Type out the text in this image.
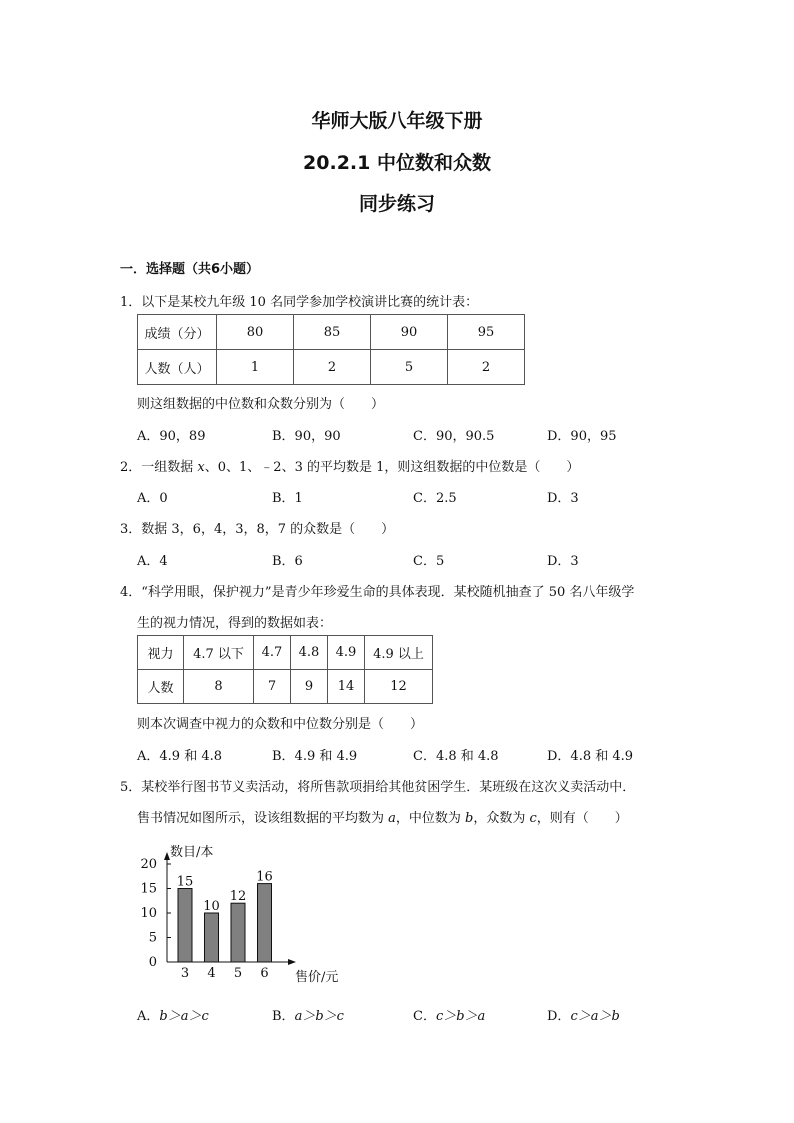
华师大版八年级下册
20.2.1 中位数和众数
同步练习
一．选择题（共6小题）
1．以下是某校九年级 10 名同学参加学校演讲比赛的统计表：
成绩（分）	80	85	90	95
人数（人）	1	2	5	2
则这组数据的中位数和众数分别为（　　）
A．90，89	B．90，90	C．90，90.5	D．90，95
2．一组数据 x、0、1、﹣2、3 的平均数是 1，则这组数据的中位数是（　　）
A．0	B．1	C．2.5	D．3
3．数据 3，6，4，3，8，7 的众数是（　　）
A．4	B．6	C．5	D．3
4．“科学用眼，保护视力”是青少年珍爱生命的具体表现．某校随机抽查了 50 名八年级学
生的视力情况，得到的数据如表：
视力	4.7 以下	4.7	4.8	4.9	4.9 以上
人数	8	7	9	14	12
则本次调查中视力的众数和中位数分别是（　　）
A．4.9 和 4.8	B．4.9 和 4.9	C．4.8 和 4.8	D．4.8 和 4.9
5．某校举行图书节义卖活动，将所售款项捐给其他贫困学生．某班级在这次义卖活动中．
售书情况如图所示，设该组数据的平均数为 a，中位数为 b，众数为 c，则有（　　）
数目/本
售价/元
0
5
10
15
20
15
3
10
4
12
5
16
6
A．b＞a＞c	B．a＞b＞c	C．c＞b＞a	D．c＞a＞b
